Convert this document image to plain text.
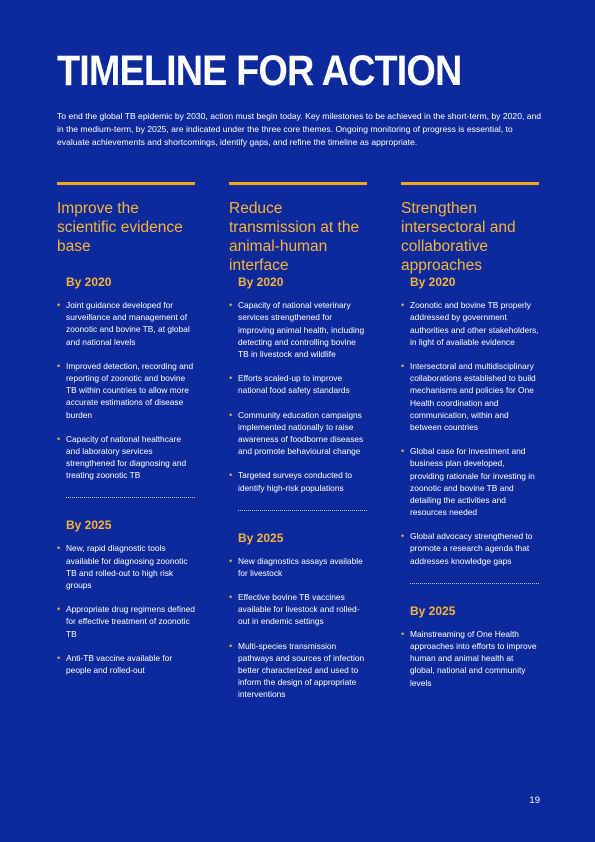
TIMELINE FOR ACTION

To end the global TB epidemic by 2030, action must begin today. Key milestones to be achieved in the short-term, by 2020, and in the medium-term, by 2025, are indicated under the three core themes. Ongoing monitoring of progress is essential, to evaluate achievements and shortcomings, identify gaps, and refine the timeline as appropriate.

Improve the scientific evidence base
By 2020
• Joint guidance developed for surveillance and management of zoonotic and bovine TB, at global and national levels
• Improved detection, recording and reporting of zoonotic and bovine TB within countries to allow more accurate estimations of disease burden
• Capacity of national healthcare and laboratory services strengthened for diagnosing and treating zoonotic TB
By 2025
• New, rapid diagnostic tools available for diagnosing zoonotic TB and rolled-out to high risk groups
• Appropriate drug regimens defined for effective treatment of zoonotic TB
• Anti-TB vaccine available for people and rolled-out
Reduce transmission at the animal-human interface
By 2020
• Capacity of national veterinary services strengthened for improving animal health, including detecting and controlling bovine TB in livestock and wildlife
• Efforts scaled-up to improve national food safety standards
• Community education campaigns implemented nationally to raise awareness of foodborne diseases and promote behavioural change
• Targeted surveys conducted to identify high-risk populations
By 2025
• New diagnostics assays available for livestock
• Effective bovine TB vaccines available for livestock and rolled-out in endemic settings
• Multi-species transmission pathways and sources of infection better characterized and used to inform the design of appropriate interventions
Strengthen intersectoral and collaborative approaches
By 2020
• Zoonotic and bovine TB properly addressed by government authorities and other stakeholders, in light of available evidence
• Intersectoral and multidisciplinary collaborations established to build mechanisms and policies for One Health coordination and communication, within and between countries
• Global case for investment and business plan developed, providing rationale for investing in zoonotic and bovine TB and detailing the activities and resources needed
• Global advocacy strengthened to promote a research agenda that addresses knowledge gaps
By 2025
• Mainstreaming of One Health approaches into efforts to improve human and animal health at global, national and community levels
19
